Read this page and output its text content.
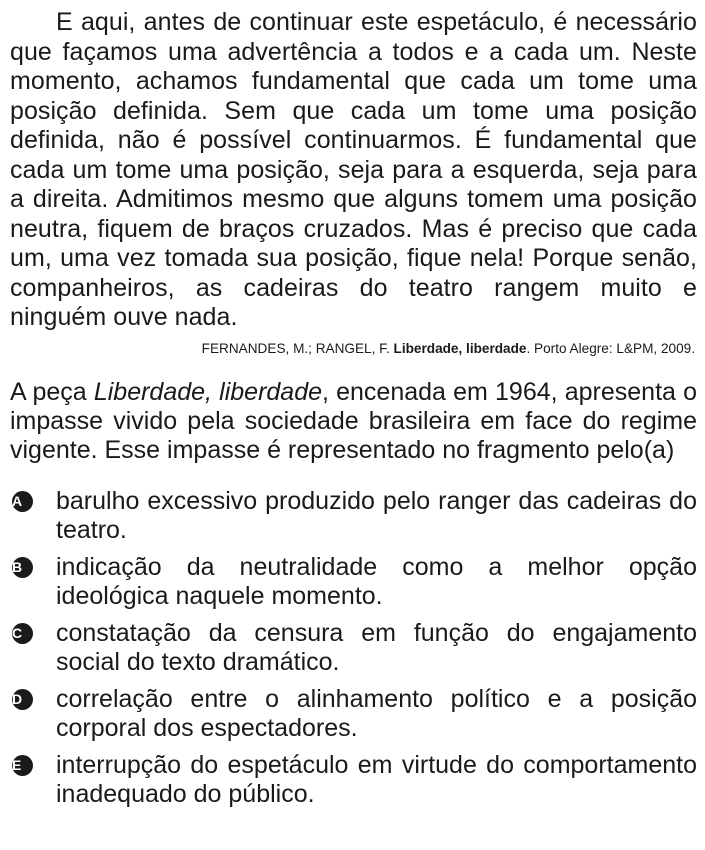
E aqui, antes de continuar este espetáculo, é necessário que façamos uma advertência a todos e a cada um. Neste momento, achamos fundamental que cada um tome uma posição definida. Sem que cada um tome uma posição definida, não é possível continuarmos. É fundamental que cada um tome uma posição, seja para a esquerda, seja para a direita. Admitimos mesmo que alguns tomem uma posição neutra, fiquem de braços cruzados. Mas é preciso que cada um, uma vez tomada sua posição, fique nela! Porque senão, companheiros, as cadeiras do teatro rangem muito e ninguém ouve nada.

FERNANDES, M.; RANGEL, F. Liberdade, liberdade. Porto Alegre: L&PM, 2009.

A peça Liberdade, liberdade, encenada em 1964, apresenta o impasse vivido pela sociedade brasileira em face do regime vigente. Esse impasse é representado no fragmento pelo(a)

A	barulho excessivo produzido pelo ranger das cadeiras do teatro.
B	indicação da neutralidade como a melhor opção ideológica naquele momento.
C	constatação da censura em função do engajamento social do texto dramático.
D	correlação entre o alinhamento político e a posição corporal dos espectadores.
E	interrupção do espetáculo em virtude do comportamento inadequado do público.
